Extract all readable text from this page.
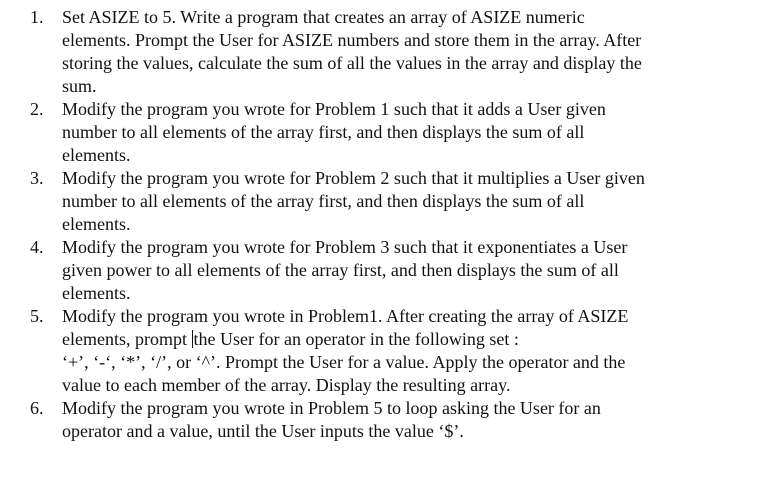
1. Set ASIZE to 5. Write a program that creates an array of ASIZE numeric
elements. Prompt the User for ASIZE numbers and store them in the array. After
storing the values, calculate the sum of all the values in the array and display the
sum.
2. Modify the program you wrote for Problem 1 such that it adds a User given
number to all elements of the array first, and then displays the sum of all
elements.
3. Modify the program you wrote for Problem 2 such that it multiplies a User given
number to all elements of the array first, and then displays the sum of all
elements.
4. Modify the program you wrote for Problem 3 such that it exponentiates a User
given power to all elements of the array first, and then displays the sum of all
elements.
5. Modify the program you wrote in Problem1. After creating the array of ASIZE
elements, prompt the User for an operator in the following set :
‘+’, ‘-‘, ‘*’, ‘/’, or ‘^’. Prompt the User for a value. Apply the operator and the
value to each member of the array. Display the resulting array.
6. Modify the program you wrote in Problem 5 to loop asking the User for an
operator and a value, until the User inputs the value ‘$’.
